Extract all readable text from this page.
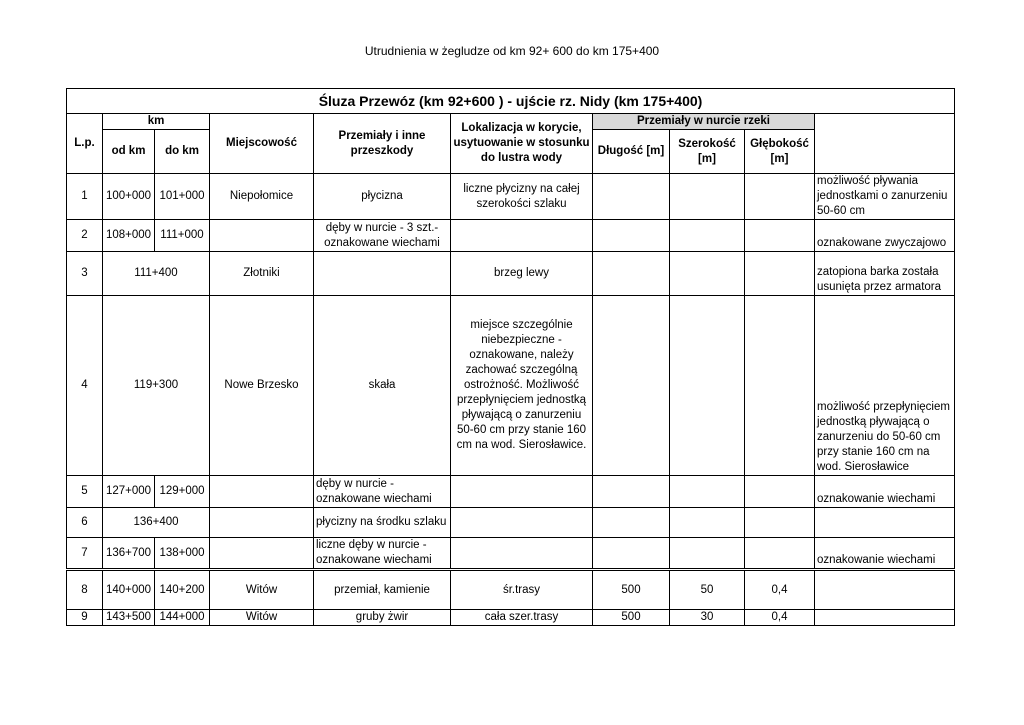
Utrudnienia w żegludze od km 92+ 600 do km 175+400
Śluza Przewóz (km 92+600 ) - ujście rz. Nidy (km 175+400)									
L.p.	km		Miejscowość	Przemiały i inne przeszkody	Lokalizacja w korycie, usytuowanie w stosunku do lustra wody	Przemiały w nurcie rzeki			
	od km	do km				Długość [m]	Szerokość [m]	Głębokość [m]	

1	100+000	101+000	Niepołomice	płycizna	liczne płycizny na całej szerokości szlaku				możliwość pływania jednostkami o zanurzeniu 50-60 cm
2	108+000	111+000		dęby w nurcie - 3 szt.- oznakowane wiechami					oznakowane zwyczajowo
3	111+400		Złotniki		brzeg lewy				zatopiona barka została usunięta przez armatora
4	119+300		Nowe Brzesko	skała	miejsce szczególnie niebezpieczne - oznakowane, należy zachować szczególną ostrożność. Możliwość przepłynięciem jednostką pływającą o zanurzeniu 50-60 cm przy stanie 160 cm na wod. Sierosławice.				możliwość przepłynięciem jednostką pływającą o zanurzeniu do 50-60 cm przy stanie 160 cm na wod. Sierosławice
5	127+000	129+000		dęby w nurcie - oznakowane wiechami					oznakowanie wiechami
6	136+400			płycizny na środku szlaku					
7	136+700	138+000		liczne dęby w nurcie - oznakowane wiechami					oznakowanie wiechami
8	140+000	140+200	Witów	przemiał, kamienie	śr.trasy	500	50	0,4	
9	143+500	144+000	Witów	gruby żwir	cała szer.trasy	500	30	0,4	
